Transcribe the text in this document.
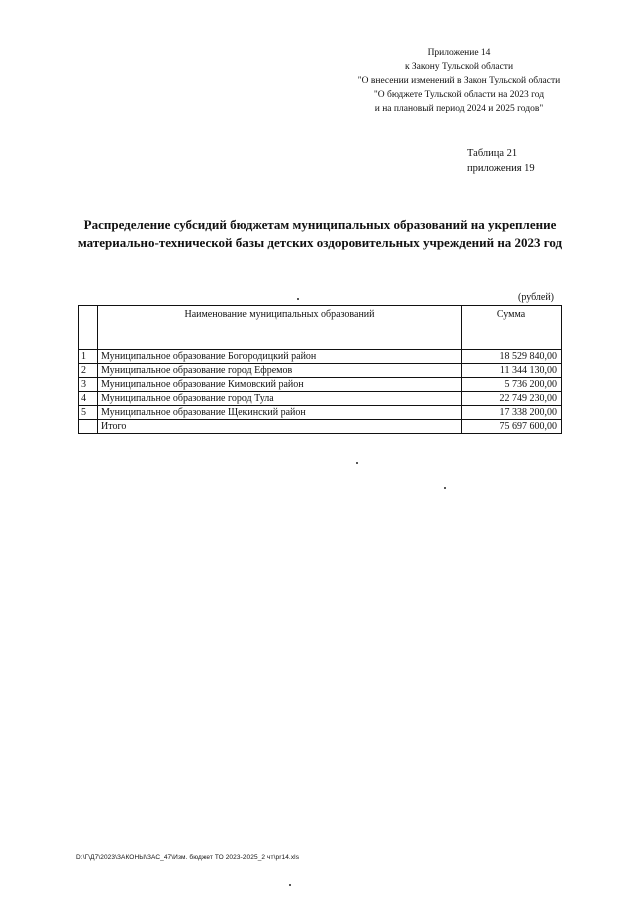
Приложение 14
к Закону Тульской области
"О внесении изменений в Закон Тульской области
"О бюджете Тульской области на 2023 год
и на плановый период 2024 и 2025 годов"
Таблица 21
приложения 19
Распределение субсидий бюджетам муниципальных образований на укрепление
материально-технической базы детских оздоровительных учреждений на 2023 год
(рублей)
	Наименование муниципальных образований	Сумма
1	Муниципальное образование Богородицкий район	18 529 840,00
2	Муниципальное образование город Ефремов	11 344 130,00
3	Муниципальное образование Кимовский район	5 736 200,00
4	Муниципальное образование город Тула	22 749 230,00
5	Муниципальное образование Щекинский район	17 338 200,00
	Итого	75 697 600,00
D:\Г\Д7\2023\ЗАКОНЫ\ЗАС_47\Изм. бюджет ТО 2023-2025_2 чт\рr14.xls
